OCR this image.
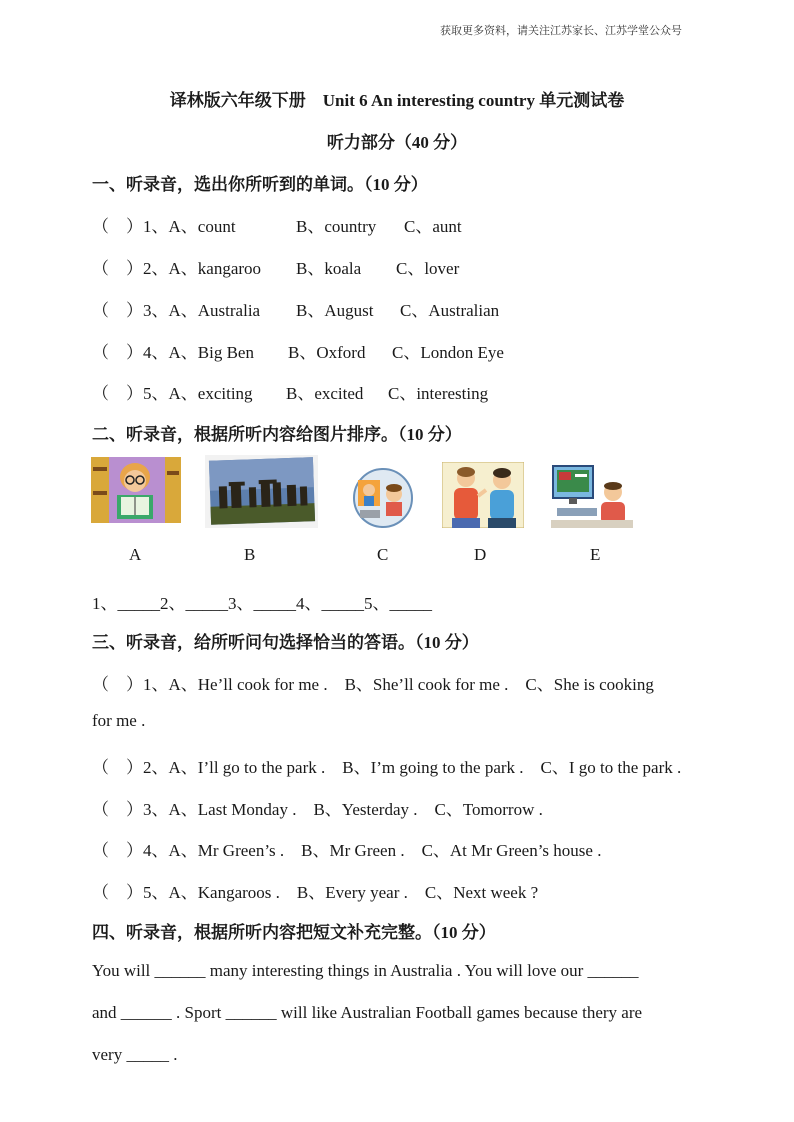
获取更多资料，请关注江苏家长、江苏学堂公众号
译林版六年级下册　Unit 6 An interesting country 单元测试卷
听力部分（40 分）
一、听录音，选出你所听到的单词。（10 分）
（　）1、A、count	B、country C、aunt
（　）2、A、kangaroo B、koala C、lover
（　）3、A、Australia B、August C、Australian
（　）4、A、Big Ben B、Oxford C、London Eye
（　）5、A、exciting B、excited C、interesting
二、听录音，根据所听内容给图片排序。（10 分）
A	B	C	D	E
1、_____2、_____3、_____4、_____5、_____
三、听录音，给所听问句选择恰当的答语。（10 分）
（　）1、A、He’ll cook for me .　B、She’ll cook for me .　C、She is cooking
for me .
（　）2、A、I’ll go to the park .　B、I’m going to the park .　C、I go to the park .
（　）3、A、Last Monday .　B、Yesterday .　C、Tomorrow .
（　）4、A、Mr Green’s .　B、Mr Green .　C、At Mr Green’s house .
（　）5、A、Kangaroos .　B、Every year .　C、Next week ?
四、听录音，根据所听内容把短文补充完整。（10 分）
You will ______ many interesting things in Australia . You will love our ______
and ______ . Sport ______ will like Australian Football games because thery are
very _____ .
